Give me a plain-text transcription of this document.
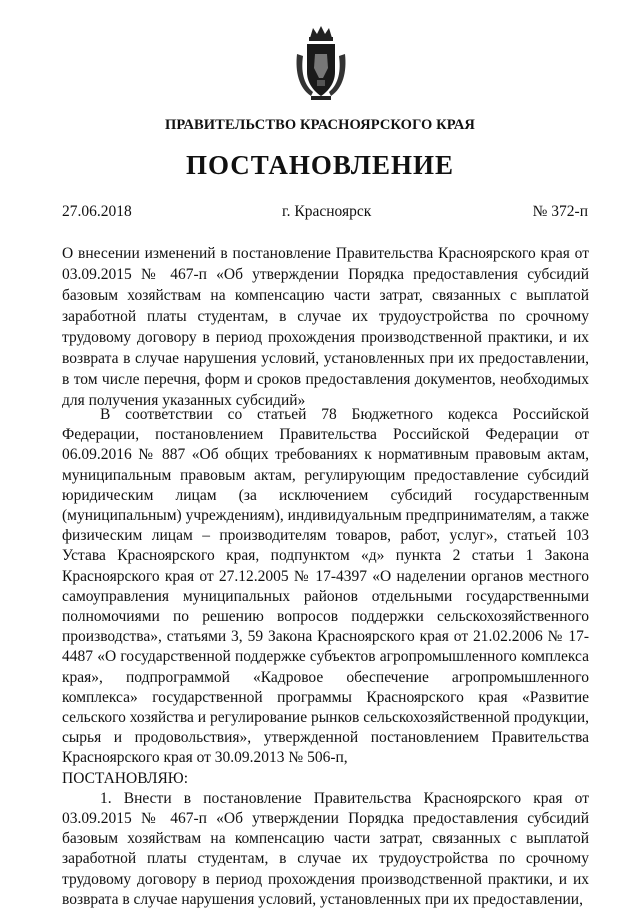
ПРАВИТЕЛЬСТВО КРАСНОЯРСКОГО КРАЯ
ПОСТАНОВЛЕНИЕ
27.06.2018	г. Красноярск	№ 372-п

О внесении изменений в постановление Правительства Красноярского края от 03.09.2015 № 467-п «Об утверждении Порядка предоставления субсидий базовым хозяйствам на компенсацию части затрат, связанных с выплатой заработной платы студентам, в случае их трудоустройства по срочному трудовому договору в период прохождения производственной практики, и их возврата в случае нарушения условий, установленных при их предоставлении, в том числе перечня, форм и сроков предоставления документов, необходимых для получения указанных субсидий»

В соответствии со статьей 78 Бюджетного кодекса Российской Федерации, постановлением Правительства Российской Федерации от 06.09.2016 № 887 «Об общих требованиях к нормативным правовым актам, муниципальным правовым актам, регулирующим предоставление субсидий юридическим лицам (за исключением субсидий государственным (муниципальным) учреждениям), индивидуальным предпринимателям, а также физическим лицам – производителям товаров, работ, услуг», статьей 103 Устава Красноярского края, подпунктом «д» пункта 2 статьи 1 Закона Красноярского края от 27.12.2005 № 17-4397 «О наделении органов местного самоуправления муниципальных районов отдельными государственными полномочиями по решению вопросов поддержки сельскохозяйственного производства», статьями 3, 59 Закона Красноярского края от 21.02.2006 № 17-4487 «О государственной поддержке субъектов агропромышленного комплекса края», подпрограммой «Кадровое обеспечение агропромышленного комплекса» государственной программы Красноярского края «Развитие сельского хозяйства и регулирование рынков сельскохозяйственной продукции, сырья и продовольствия», утвержденной постановлением Правительства Красноярского края от 30.09.2013 № 506-п,

ПОСТАНОВЛЯЮ:

1. Внести в постановление Правительства Красноярского края от 03.09.2015 № 467-п «Об утверждении Порядка предоставления субсидий базовым хозяйствам на компенсацию части затрат, связанных с выплатой заработной платы студентам, в случае их трудоустройства по срочному трудовому договору в период прохождения производственной практики, и их возврата в случае нарушения условий, установленных при их предоставлении,
